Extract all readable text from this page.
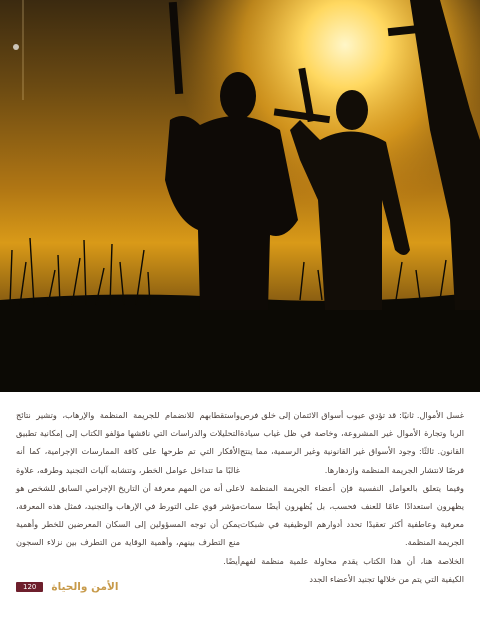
غسل الأموال. ثانيًا: قد تؤدي عيوب أسواق الائتمان إلى خلق فرص الربا وتجارة الأموال غير المشروعة، وخاصة في ظل غياب سيادة القانون. ثالثًا: وجود الأسواق غير القانونية وغير الرسمية، مما ينتج فرصًا لانتشار الجريمة المنظمة وازدهارها.

وفيما يتعلق بالعوامل النفسية فإن أعضاء الجريمة المنظمة لا يظهرون استعدادًا عامًا للعنف فحسب، بل يُظهرون أيضًا سمات معرفية وعاطفية أكثر تعقيدًا تحدد أدوارهم الوظيفية في شبكات الجريمة المنظمة.

الخلاصة هنا، أن هذا الكتاب يقدم محاولة علمية منظمة لفهم الكيفية التي يتم من خلالها تجنيد الأعضاء الجدد

واستقطابهم للانضمام للجريمة المنظمة والإرهاب، وتشير نتائج التحليلات والدراسات التي ناقشها مؤلفو الكتاب إلى إمكانية تطبيق الأفكار التي تم طرحها على كافة الممارسات الإجرامية، كما أنه غالبًا ما تتداخل عوامل الخطر، وتتشابه آليات التجنيد وطرقه، علاوة على أنه من المهم معرفة أن التاريخ الإجرامي السابق للشخص هو مؤشر قوي على التورط في الإرهاب والتجنيد، فمثل هذه المعرفة، يمكن أن توجه المسؤولين إلى السكان المعرضين للخطر وأهمية منع التطرف بينهم، وأهمية الوقاية من التطرف بين نزلاء السجون أيضًا.

120	الأمن والحياة
